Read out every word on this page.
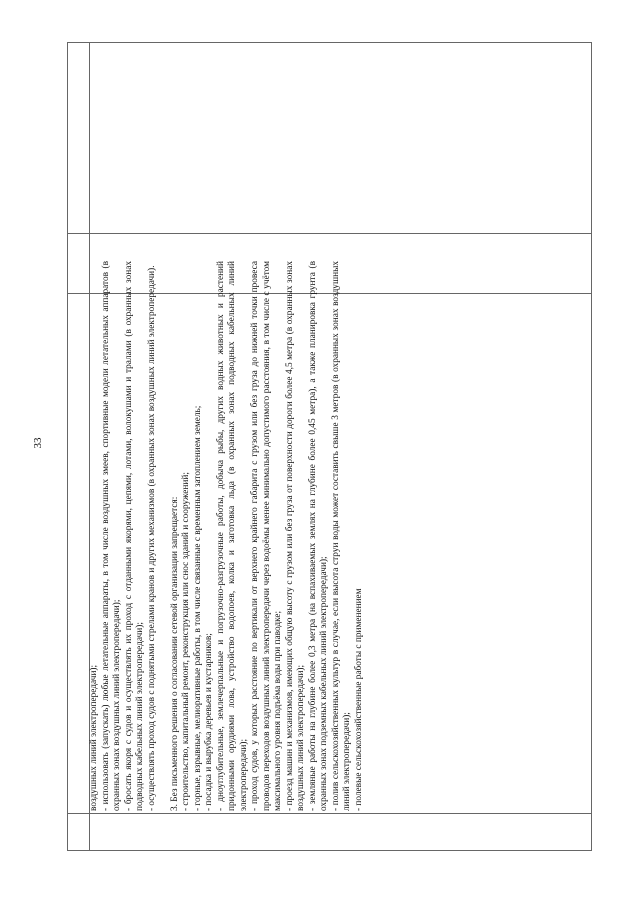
33

воздушных линий электропередачи); - использовать (запускать) любые летательные аппараты, в том числе воздушных змеев, спортивные модели летательных аппаратов (в охранных зонах воздушных линий электропередачи); - бросать якоря с судов и осуществлять их проход с отданными якорями, цепями, лотами, волокушами и тралами (в охранных зонах подводных кабельных линий электропередачи); - осуществлять проход судов с поднятыми стрелами кранов и других механизмов (в охранных зонах воздушных линий электропередачи). 3. Без письменного решения о согласовании сетевой организации запрещается: - строительство, капитальный ремонт, реконструкция или снос зданий и сооружений; - горные, взрывные, мелиоративные работы, в том числе связанные с временным затоплением земель; - посадка и вырубка деревьев и кустарников; - дноуглубительные, землечерпальные и погрузочно-разгрузочные работы, добыча рыбы, других водных животных и растений придонными орудиями лова, устройство водопоев, колка и заготовка льда (в охранных зонах подводных кабельных линий электропередачи); - проход судов, у которых расстояние по вертикали от верхнего крайнего габарита с грузом или без груза до нижней точки провеса проводов переходов воздушных линий электропередачи через водоёмы менее минимально допустимого расстояния, в том числе с учётом максимального уровня подъёма воды при паводке; - проезд машин и механизмов, имеющих общую высоту с грузом или без груза от поверхности дороги более 4,5 метра (в охранных зонах воздушных линий электропередачи); - земляные работы на глубине более 0,3 метра (на вспахиваемых землях на глубине более 0,45 метра), а также планировка грунта (в охранных зонах подземных кабельных линий электропередачи); - полив сельскохозяйственных культур в случае, если высота струи воды может составить свыше 3 метров (в охранных зонах воздушных линий электропередачи); - полевые сельскохозяйственные работы с применением
